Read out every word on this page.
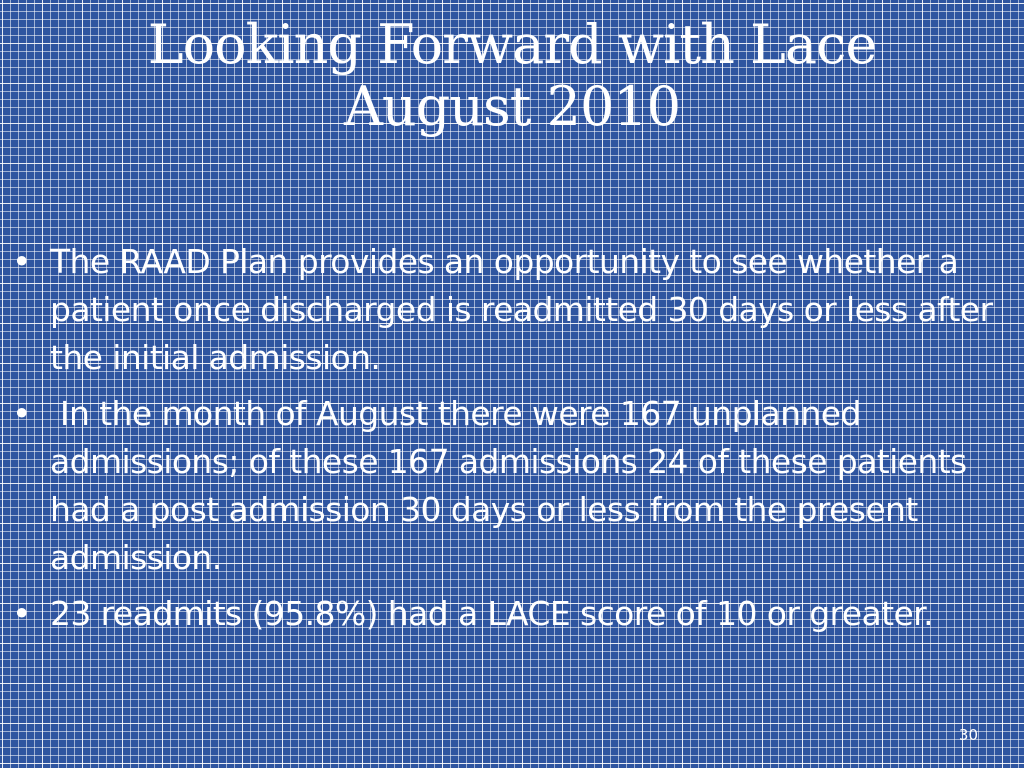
Looking Forward with Lace
August 2010
• The RAAD Plan provides an opportunity to see whether a patient once discharged is readmitted 30 days or less after the initial admission.
• In the month of August there were 167 unplanned admissions; of these 167 admissions 24 of these patients had a post admission 30 days or less from the present admission.
• 23 readmits (95.8%) had a LACE score of 10 or greater.
30
